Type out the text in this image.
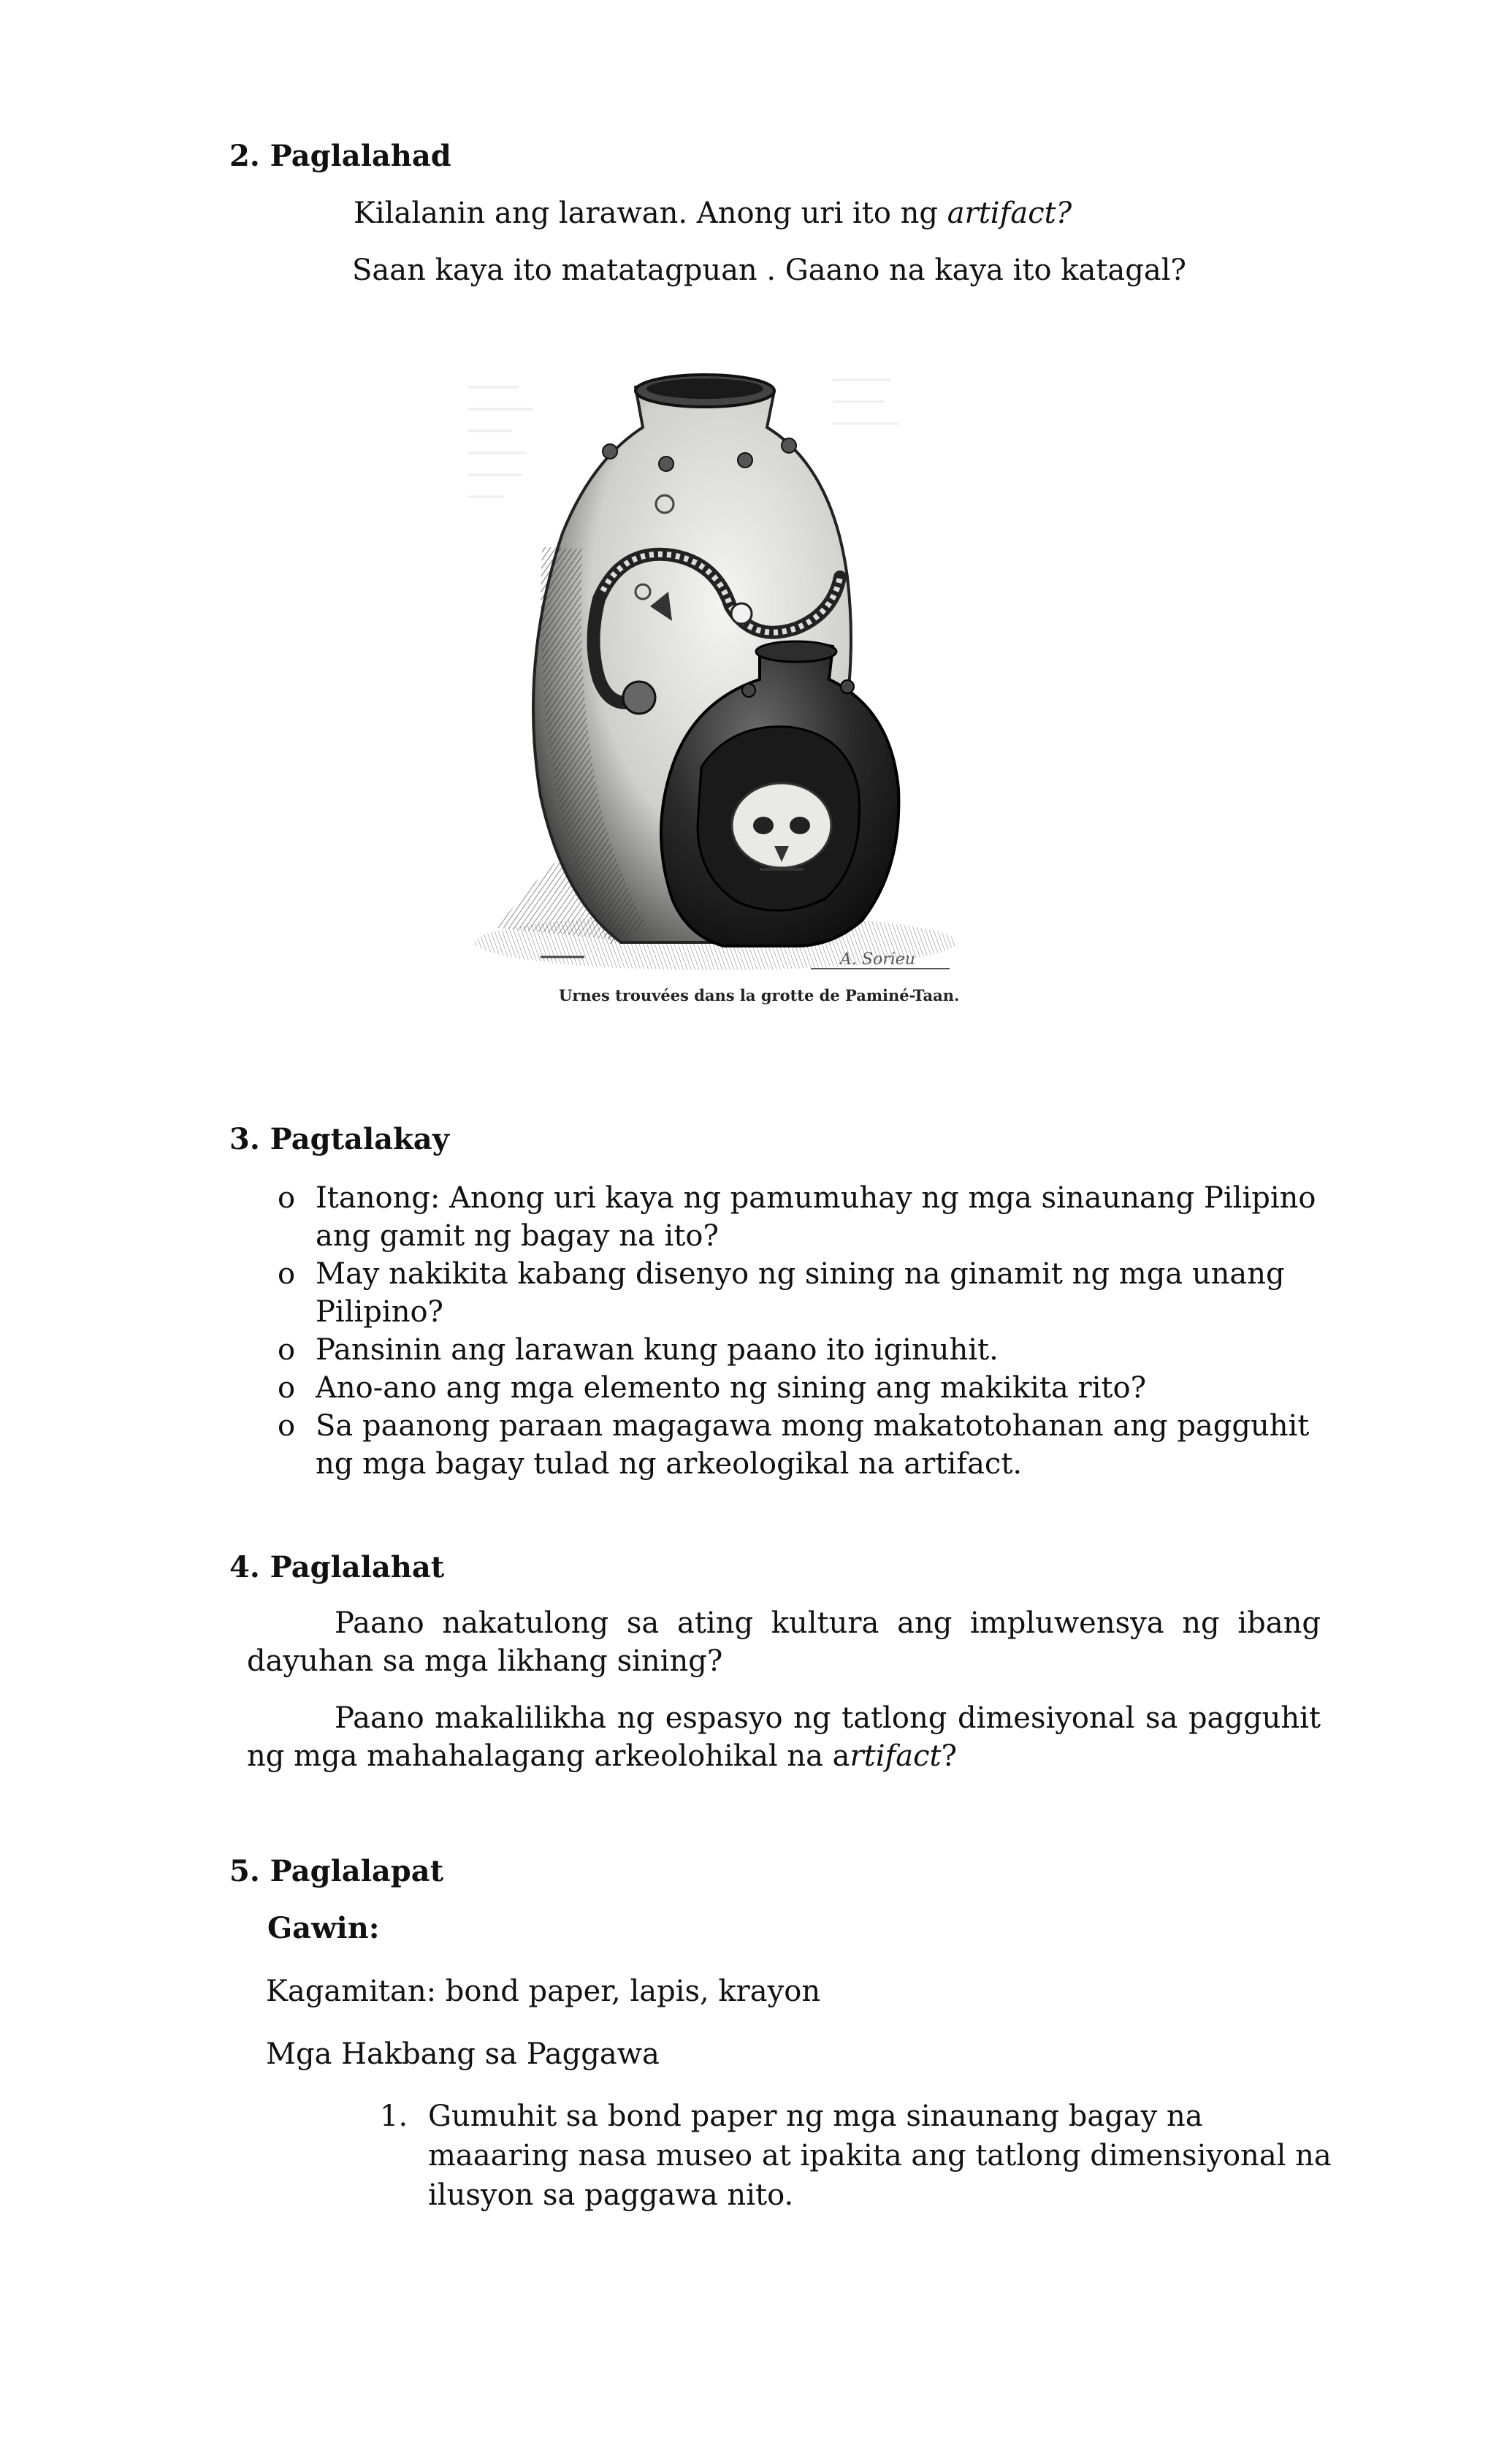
2. Paglalahad
Kilalanin ang larawan. Anong uri ito ng artifact?
Saan kaya ito matatagpuan . Gaano na kaya ito katagal?
A. Sorieu
Urnes trouvées dans la grotte de Paminé-Taan.
3. Pagtalakay
o Itanong: Anong uri kaya ng pamumuhay ng mga sinaunang Pilipino ang gamit ng bagay na ito?
o May nakikita kabang disenyo ng sining na ginamit ng mga unang Pilipino?
o Pansinin ang larawan kung paano ito iginuhit.
o Ano-ano ang mga elemento ng sining ang makikita rito?
o Sa paanong paraan magagawa mong makatotohanan ang pagguhit ng mga bagay tulad ng arkeologikal na artifact.
4. Paglalahat
Paano nakatulong sa ating kultura ang impluwensya ng ibang dayuhan sa mga likhang sining?
Paano makalilikha ng espasyo ng tatlong dimesiyonal sa pagguhit ng mga mahahalagang arkeolohikal na artifact?
5. Paglalapat
Gawin:
Kagamitan: bond paper, lapis, krayon
Mga Hakbang sa Paggawa
1. Gumuhit sa bond paper ng mga sinaunang bagay na maaaring nasa museo at ipakita ang tatlong dimensiyonal na ilusyon sa paggawa nito.
